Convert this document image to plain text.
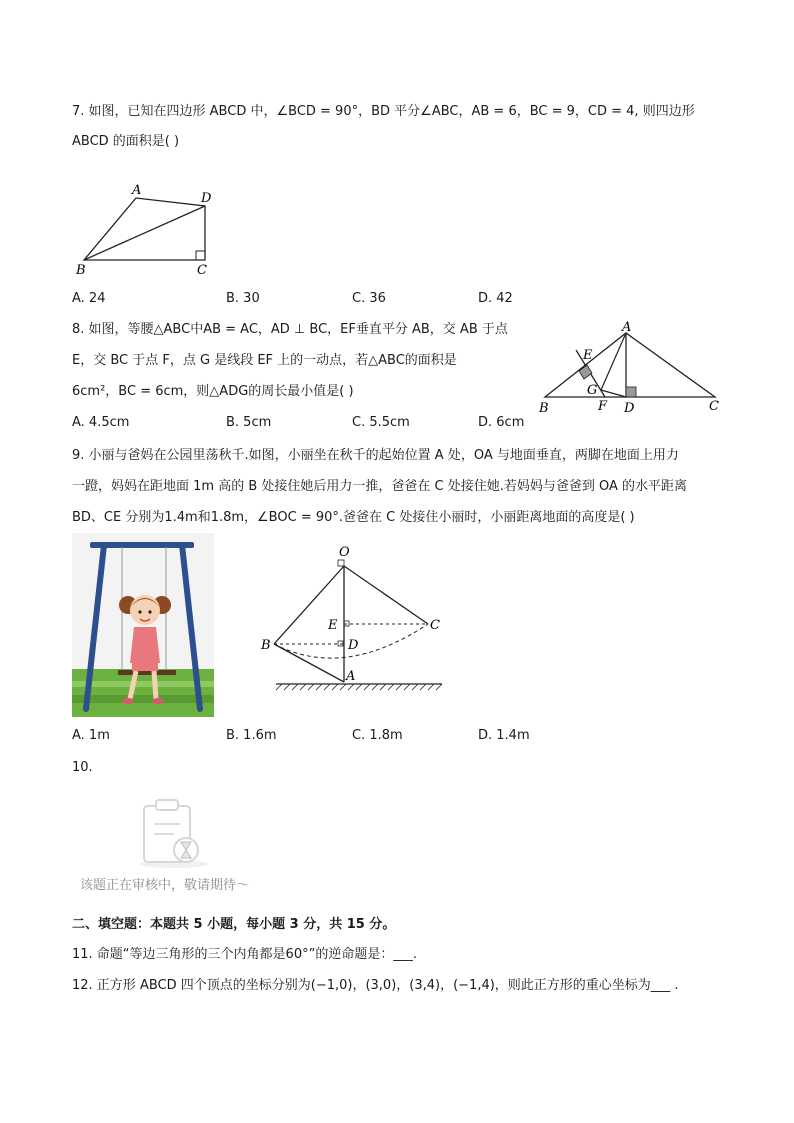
7. 如图，已知在四边形 ABCD 中，∠BCD = 90°，BD 平分∠ABC，AB = 6，BC = 9，CD = 4, 则四边形
ABCD 的面积是( )
A
D
B	C
A. 24	B. 30	C. 36	D. 42
8. 如图，等腰△ABC中AB = AC，AD ⊥ BC，EF垂直平分 AB，交 AB 于点
E，交 BC 于点 F，点 G 是线段 EF 上的一动点，若△ABC的面积是
6cm²，BC = 6cm，则△ADG的周长最小值是( )
A
E
G
B	F D	C
A. 4.5cm	B. 5cm	C. 5.5cm	D. 6cm
9. 小丽与爸妈在公园里荡秋千.如图，小丽坐在秋千的起始位置 A 处，OA 与地面垂直，两脚在地面上用力
一蹬，妈妈在距地面 1m 高的 B 处接住她后用力一推，爸爸在 C 处接住她.若妈妈与爸爸到 OA 的水平距离
BD、CE 分别为1.4m和1.8m，∠BOC = 90°.爸爸在 C 处接住小丽时，小丽距离地面的高度是( )
O
E	C
B	D
A
A. 1m	B. 1.6m	C. 1.8m	D. 1.4m
10.
该题正在审核中，敬请期待～
二、填空题：本题共 5 小题，每小题 3 分，共 15 分。
11. 命题“等边三角形的三个内角都是60°”的逆命题是：___.
12. 正方形 ABCD 四个顶点的坐标分别为(−1,0)，(3,0)，(3,4)，(−1,4)，则此正方形的重心坐标为___ .
